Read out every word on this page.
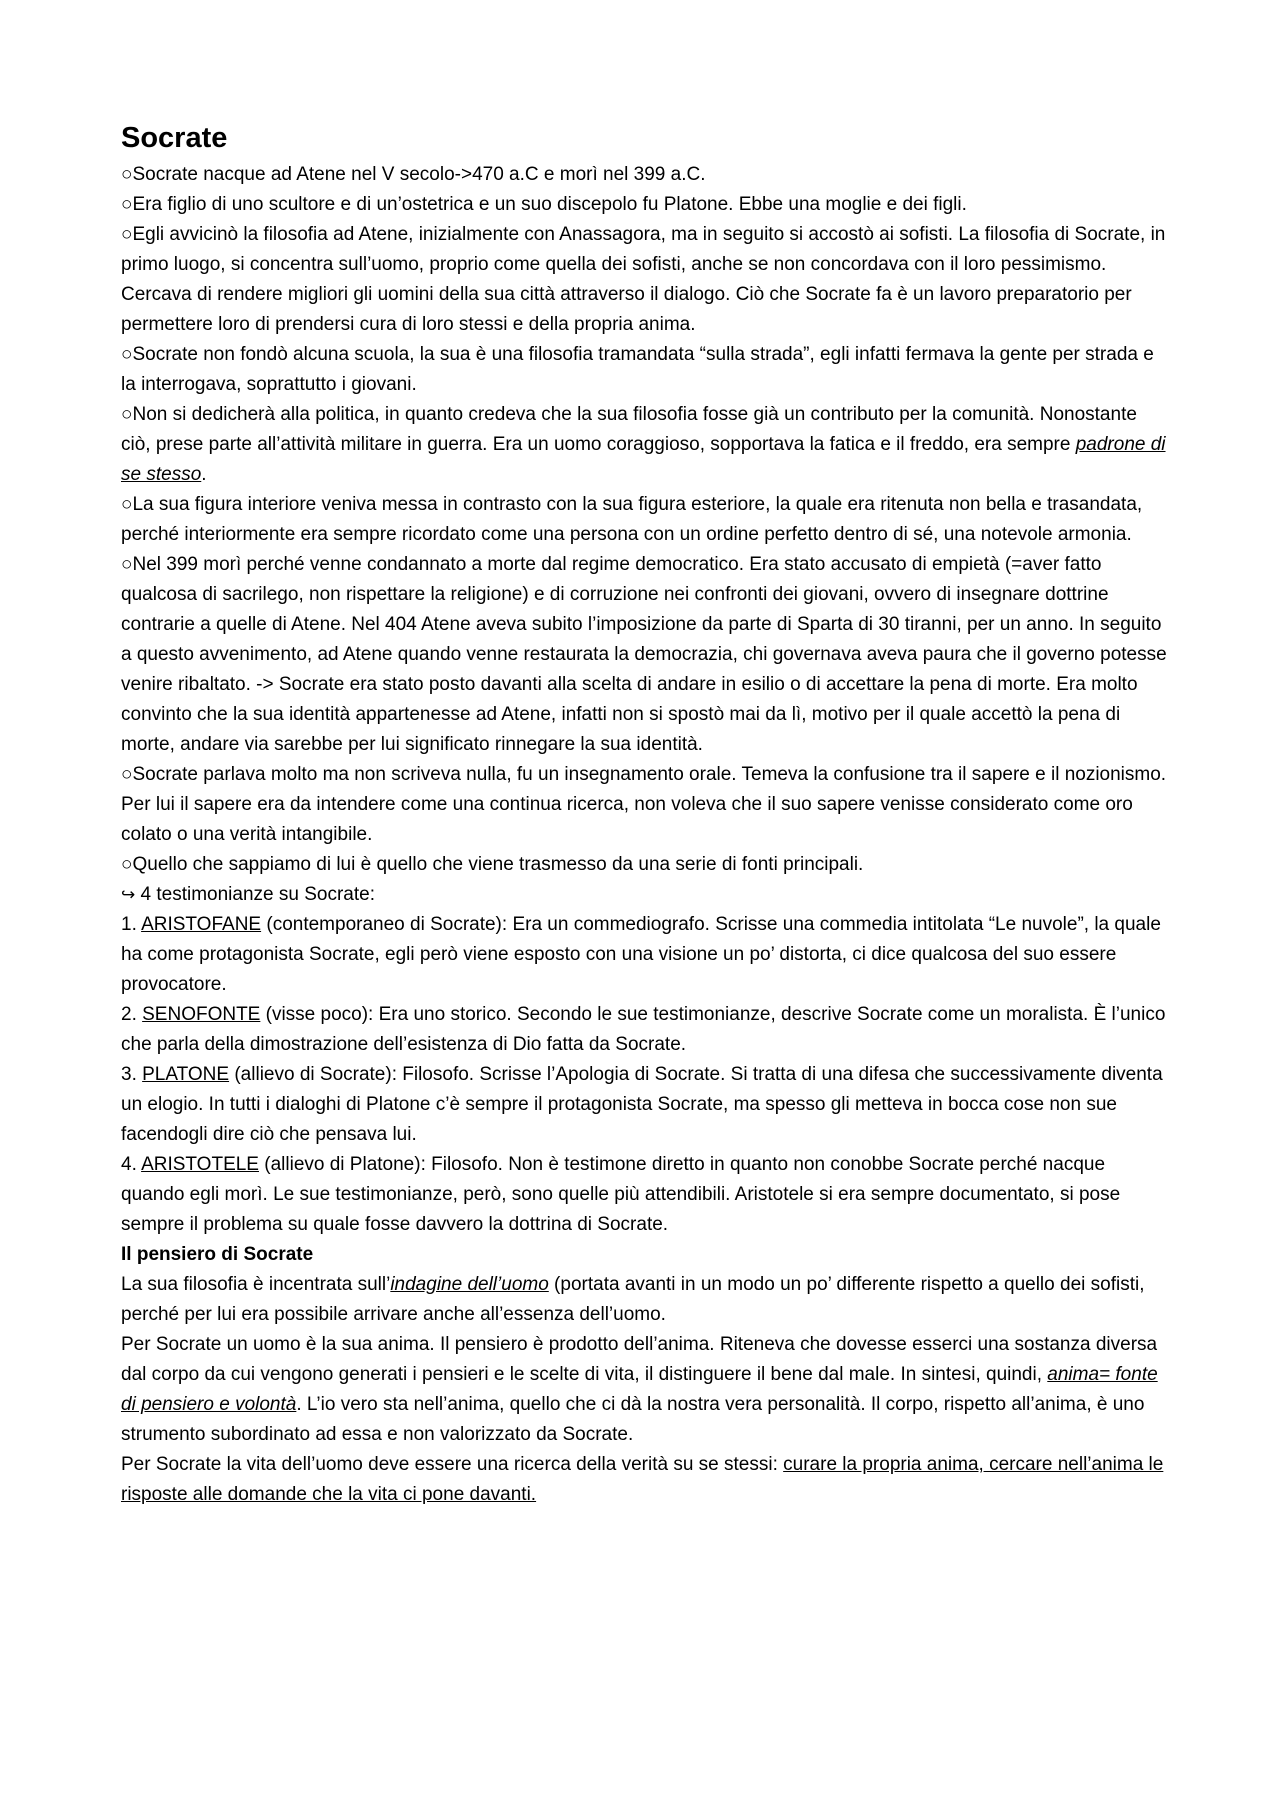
Socrate
○Socrate nacque ad Atene nel V secolo->470 a.C e morì nel 399 a.C.
○Era figlio di uno scultore e di un’ostetrica e un suo discepolo fu Platone. Ebbe una moglie e dei figli.
○Egli avvicinò la filosofia ad Atene, inizialmente con Anassagora, ma in seguito si accostò ai sofisti. La filosofia di Socrate, in primo luogo, si concentra sull’uomo, proprio come quella dei sofisti, anche se non concordava con il loro pessimismo. Cercava di rendere migliori gli uomini della sua città attraverso il dialogo. Ciò che Socrate fa è un lavoro preparatorio per permettere loro di prendersi cura di loro stessi e della propria anima.
○Socrate non fondò alcuna scuola, la sua è una filosofia tramandata “sulla strada”, egli infatti fermava la gente per strada e la interrogava, soprattutto i giovani.
○Non si dedicherà alla politica, in quanto credeva che la sua filosofia fosse già un contributo per la comunità. Nonostante ciò, prese parte all’attività militare in guerra. Era un uomo coraggioso, sopportava la fatica e il freddo, era sempre padrone di se stesso.
○La sua figura interiore veniva messa in contrasto con la sua figura esteriore, la quale era ritenuta non bella e trasandata, perché interiormente era sempre ricordato come una persona con un ordine perfetto dentro di sé, una notevole armonia.
○Nel 399 morì perché venne condannato a morte dal regime democratico. Era stato accusato di empietà (=aver fatto qualcosa di sacrilego, non rispettare la religione) e di corruzione nei confronti dei giovani, ovvero di insegnare dottrine contrarie a quelle di Atene. Nel 404 Atene aveva subito l’imposizione da parte di Sparta di 30 tiranni, per un anno. In seguito a questo avvenimento, ad Atene quando venne restaurata la democrazia, chi governava aveva paura che il governo potesse venire ribaltato. -> Socrate era stato posto davanti alla scelta di andare in esilio o di accettare la pena di morte. Era molto convinto che la sua identità appartenesse ad Atene, infatti non si spostò mai da lì, motivo per il quale accettò la pena di morte, andare via sarebbe per lui significato rinnegare la sua identità.
○Socrate parlava molto ma non scriveva nulla, fu un insegnamento orale. Temeva la confusione tra il sapere e il nozionismo. Per lui il sapere era da intendere come una continua ricerca, non voleva che il suo sapere venisse considerato come oro colato o una verità intangibile.
○Quello che sappiamo di lui è quello che viene trasmesso da una serie di fonti principali.
↪ 4 testimonianze su Socrate:
1. ARISTOFANE (contemporaneo di Socrate): Era un commediografo. Scrisse una commedia intitolata “Le nuvole”, la quale ha come protagonista Socrate, egli però viene esposto con una visione un po’ distorta, ci dice qualcosa del suo essere provocatore.
2. SENOFONTE (visse poco): Era uno storico. Secondo le sue testimonianze, descrive Socrate come un moralista. È l’unico che parla della dimostrazione dell’esistenza di Dio fatta da Socrate.
3. PLATONE (allievo di Socrate): Filosofo. Scrisse l’Apologia di Socrate. Si tratta di una difesa che successivamente diventa un elogio. In tutti i dialoghi di Platone c’è sempre il protagonista Socrate, ma spesso gli metteva in bocca cose non sue facendogli dire ciò che pensava lui.
4. ARISTOTELE (allievo di Platone): Filosofo. Non è testimone diretto in quanto non conobbe Socrate perché nacque quando egli morì. Le sue testimonianze, però, sono quelle più attendibili. Aristotele si era sempre documentato, si pose sempre il problema su quale fosse davvero la dottrina di Socrate.
Il pensiero di Socrate
La sua filosofia è incentrata sull’indagine dell’uomo (portata avanti in un modo un po’ differente rispetto a quello dei sofisti, perché per lui era possibile arrivare anche all’essenza dell’uomo.
Per Socrate un uomo è la sua anima. Il pensiero è prodotto dell’anima. Riteneva che dovesse esserci una sostanza diversa dal corpo da cui vengono generati i pensieri e le scelte di vita, il distinguere il bene dal male. In sintesi, quindi, anima= fonte di pensiero e volontà. L’io vero sta nell’anima, quello che ci dà la nostra vera personalità. Il corpo, rispetto all’anima, è uno strumento subordinato ad essa e non valorizzato da Socrate.
Per Socrate la vita dell’uomo deve essere una ricerca della verità su se stessi: curare la propria anima, cercare nell’anima le risposte alle domande che la vita ci pone davanti.
